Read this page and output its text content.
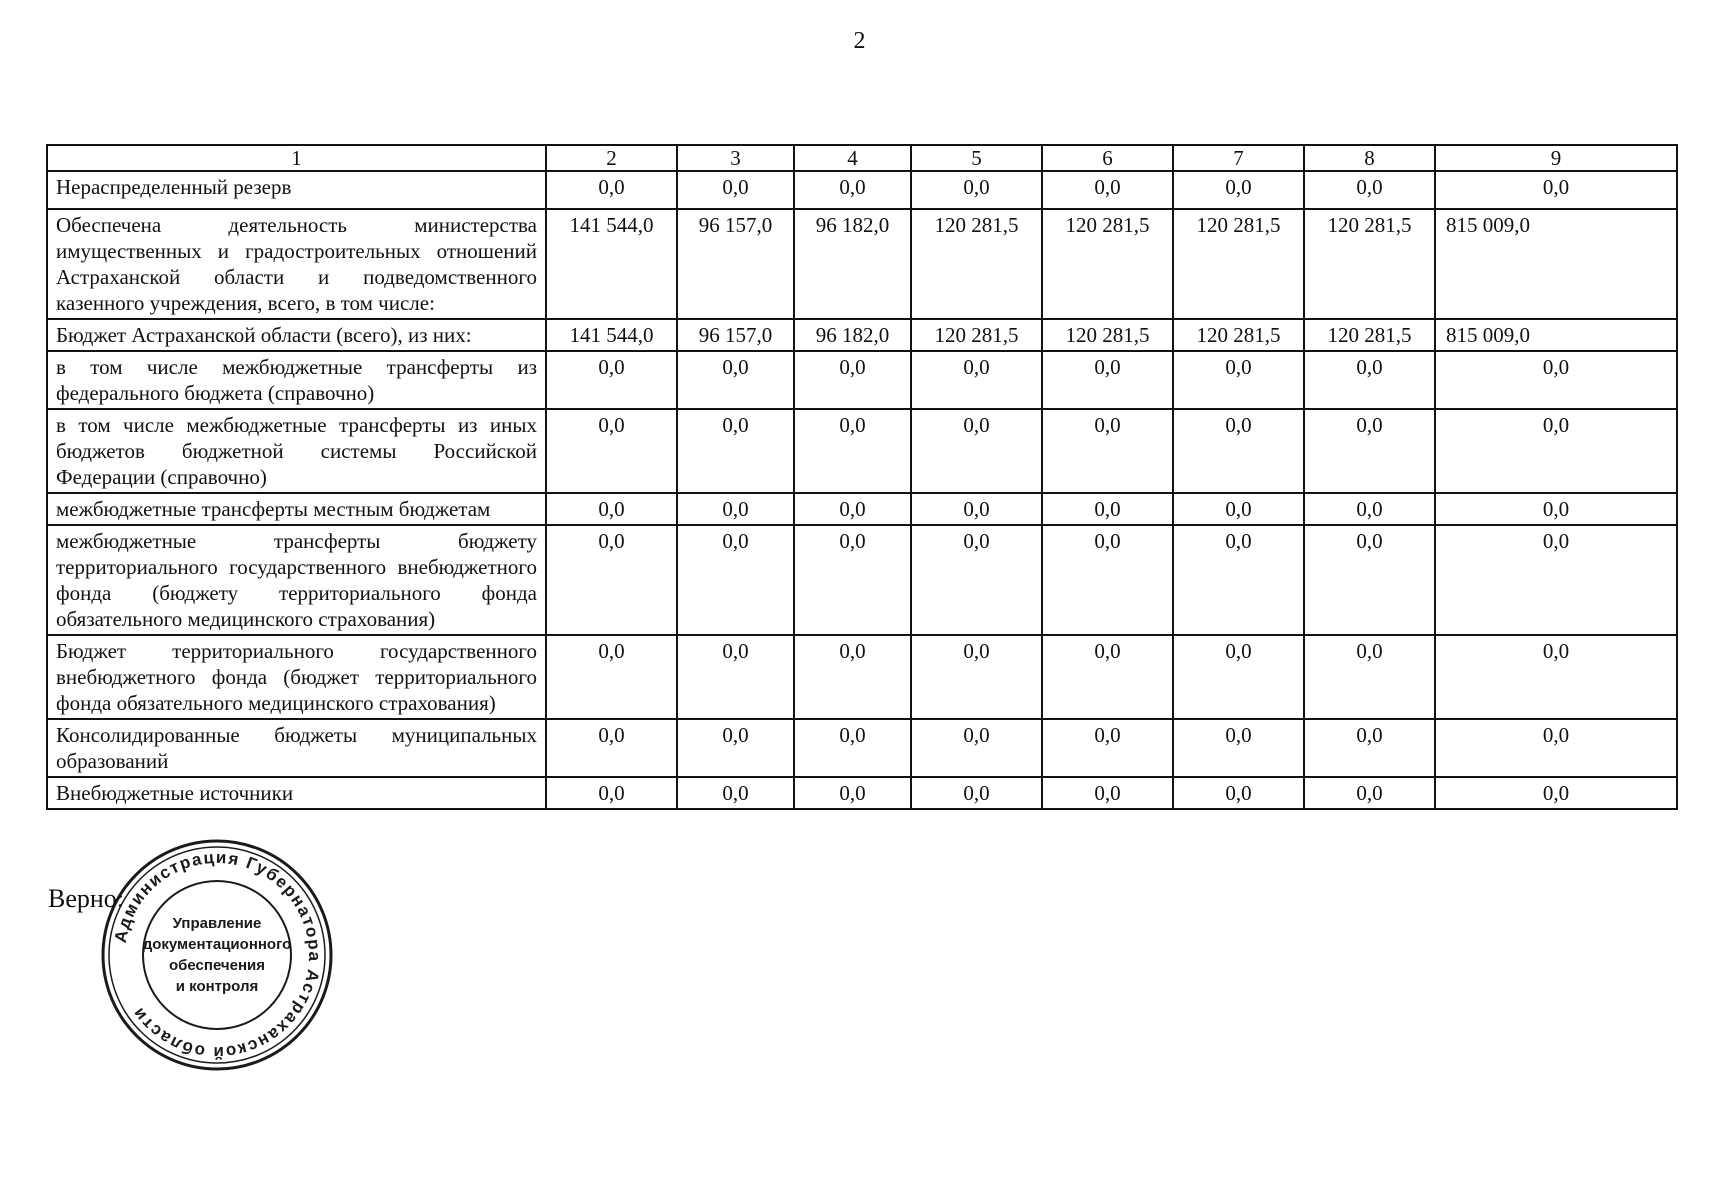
2
1	2	3	4	5	6	7	8	9
Нераспределенный резерв	0,0	0,0	0,0	0,0	0,0	0,0	0,0	0,0
Обеспечена деятельность министерства имущественных и градостроительных отношений Астраханской области и подведомственного казенного учреждения, всего, в том числе:	141 544,0	96 157,0	96 182,0	120 281,5	120 281,5	120 281,5	120 281,5	815 009,0
Бюджет Астраханской области (всего), из них:	141 544,0	96 157,0	96 182,0	120 281,5	120 281,5	120 281,5	120 281,5	815 009,0
в том числе межбюджетные трансферты из федерального бюджета (справочно)	0,0	0,0	0,0	0,0	0,0	0,0	0,0	0,0
в том числе межбюджетные трансферты из иных бюджетов бюджетной системы Российской Федерации (справочно)	0,0	0,0	0,0	0,0	0,0	0,0	0,0	0,0
межбюджетные трансферты местным бюджетам	0,0	0,0	0,0	0,0	0,0	0,0	0,0	0,0
межбюджетные трансферты бюджету территориального государственного внебюджетного фонда (бюджету территориального фонда обязательного медицинского страхования)	0,0	0,0	0,0	0,0	0,0	0,0	0,0	0,0
Бюджет территориального государственного внебюджетного фонда (бюджет территориального фонда обязательного медицинского страхования)	0,0	0,0	0,0	0,0	0,0	0,0	0,0	0,0
Консолидированные бюджеты муниципальных образований	0,0	0,0	0,0	0,0	0,0	0,0	0,0	0,0
Внебюджетные источники	0,0	0,0	0,0	0,0	0,0	0,0	0,0	0,0
Верно:
Администрация Губернатора Астраханской области
Управление
документационного
обеспечения
и контроля
